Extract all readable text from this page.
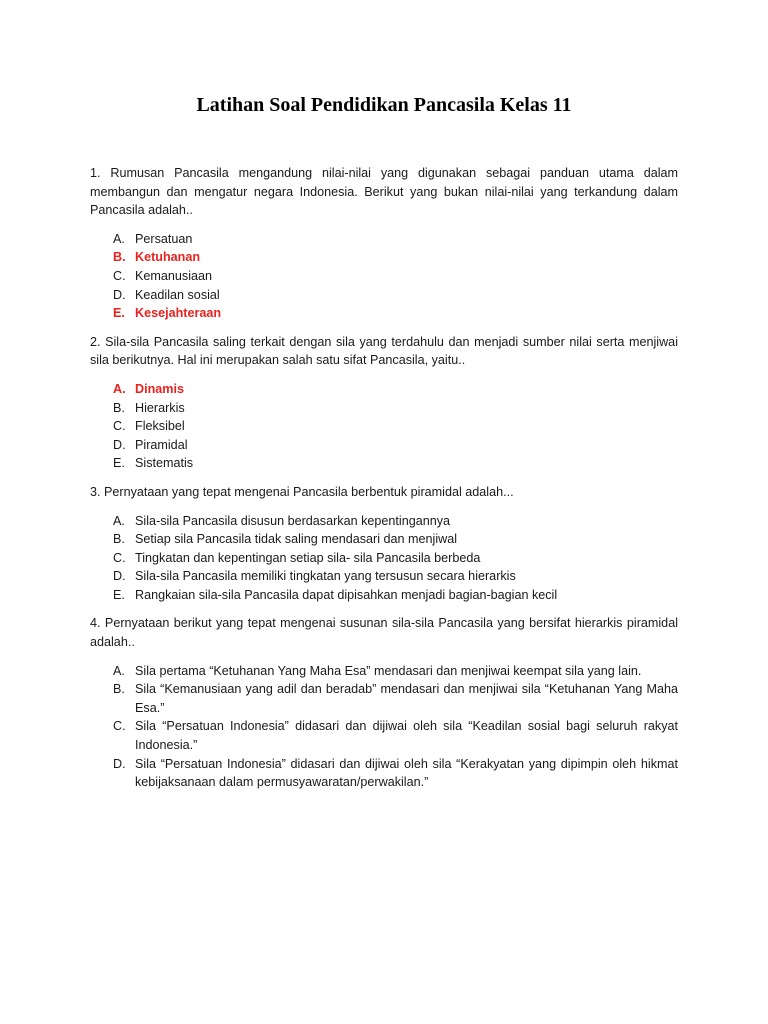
Latihan Soal Pendidikan Pancasila Kelas 11

1. Rumusan Pancasila mengandung nilai-nilai yang digunakan sebagai panduan utama dalam membangun dan mengatur negara Indonesia. Berikut yang bukan nilai-nilai yang terkandung dalam Pancasila adalah..

A. Persatuan
B. Ketuhanan
C. Kemanusiaan
D. Keadilan sosial
E. Kesejahteraan

2. Sila-sila Pancasila saling terkait dengan sila yang terdahulu dan menjadi sumber nilai serta menjiwai sila berikutnya. Hal ini merupakan salah satu sifat Pancasila, yaitu..

A. Dinamis
B. Hierarkis
C. Fleksibel
D. Piramidal
E. Sistematis

3. Pernyataan yang tepat mengenai Pancasila berbentuk piramidal adalah...

A. Sila-sila Pancasila disusun berdasarkan kepentingannya
B. Setiap sila Pancasila tidak saling mendasari dan menjiwal
C. Tingkatan dan kepentingan setiap sila- sila Pancasila berbeda
D. Sila-sila Pancasila memiliki tingkatan yang tersusun secara hierarkis
E. Rangkaian sila-sila Pancasila dapat dipisahkan menjadi bagian-bagian kecil

4. Pernyataan berikut yang tepat mengenai susunan sila-sila Pancasila yang bersifat hierarkis piramidal adalah..

A. Sila pertama “Ketuhanan Yang Maha Esa” mendasari dan menjiwai keempat sila yang lain.
B. Sila “Kemanusiaan yang adil dan beradab” mendasari dan menjiwai sila “Ketuhanan Yang Maha Esa.”
C. Sila “Persatuan Indonesia” didasari dan dijiwai oleh sila “Keadilan sosial bagi seluruh rakyat Indonesia.”
D. Sila “Persatuan Indonesia” didasari dan dijiwai oleh sila “Kerakyatan yang dipimpin oleh hikmat kebijaksanaan dalam permusyawaratan/perwakilan.”
